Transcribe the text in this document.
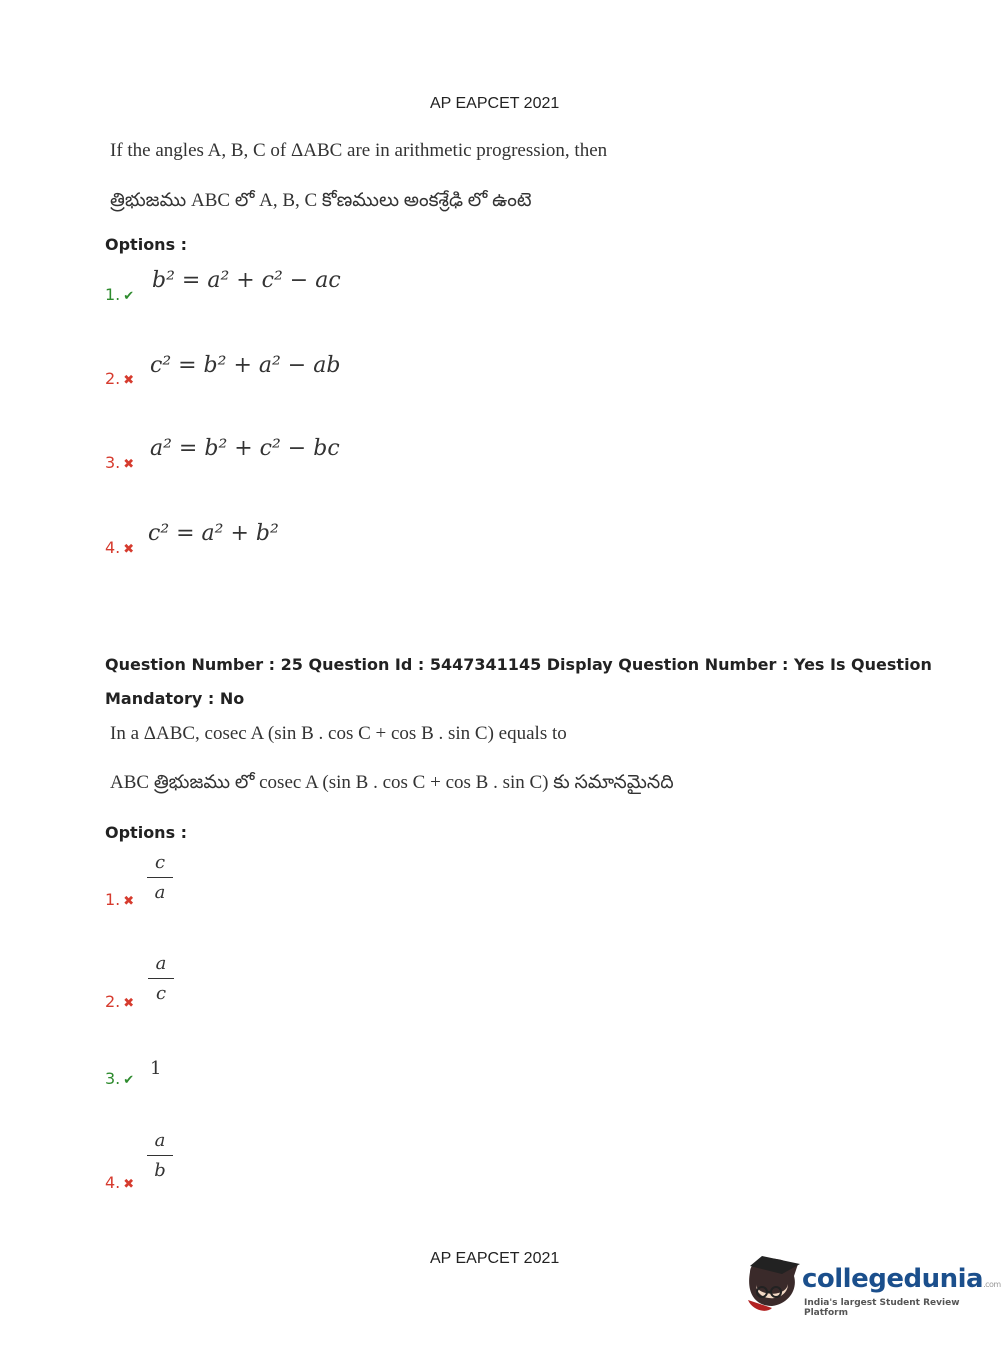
AP EAPCET 2021
If the angles A, B, C of ΔABC are in arithmetic progression, then
త్రిభుజము ABC లో A, B, C కోణములు అంకశ్రేఢి లో ఉంటె
Options :
1. ✔
b² = a² + c² − ac
2. ✖
c² = b² + a² − ab
3. ✖
a² = b² + c² − bc
4. ✖
c² = a² + b²
Question Number : 25 Question Id : 5447341145 Display Question Number : Yes Is Question
Mandatory : No
In a ΔABC, cosec A (sin B . cos C + cos B . sin C) equals to
ABC త్రిభుజము లో cosec A (sin B . cos C + cos B . sin C) కు సమానమైనది
Options :
1. ✖
c
a
2. ✖
a
c
3. ✔
1
4. ✖
a
b
AP EAPCET 2021
collegedunia.com
India's largest Student Review Platform
